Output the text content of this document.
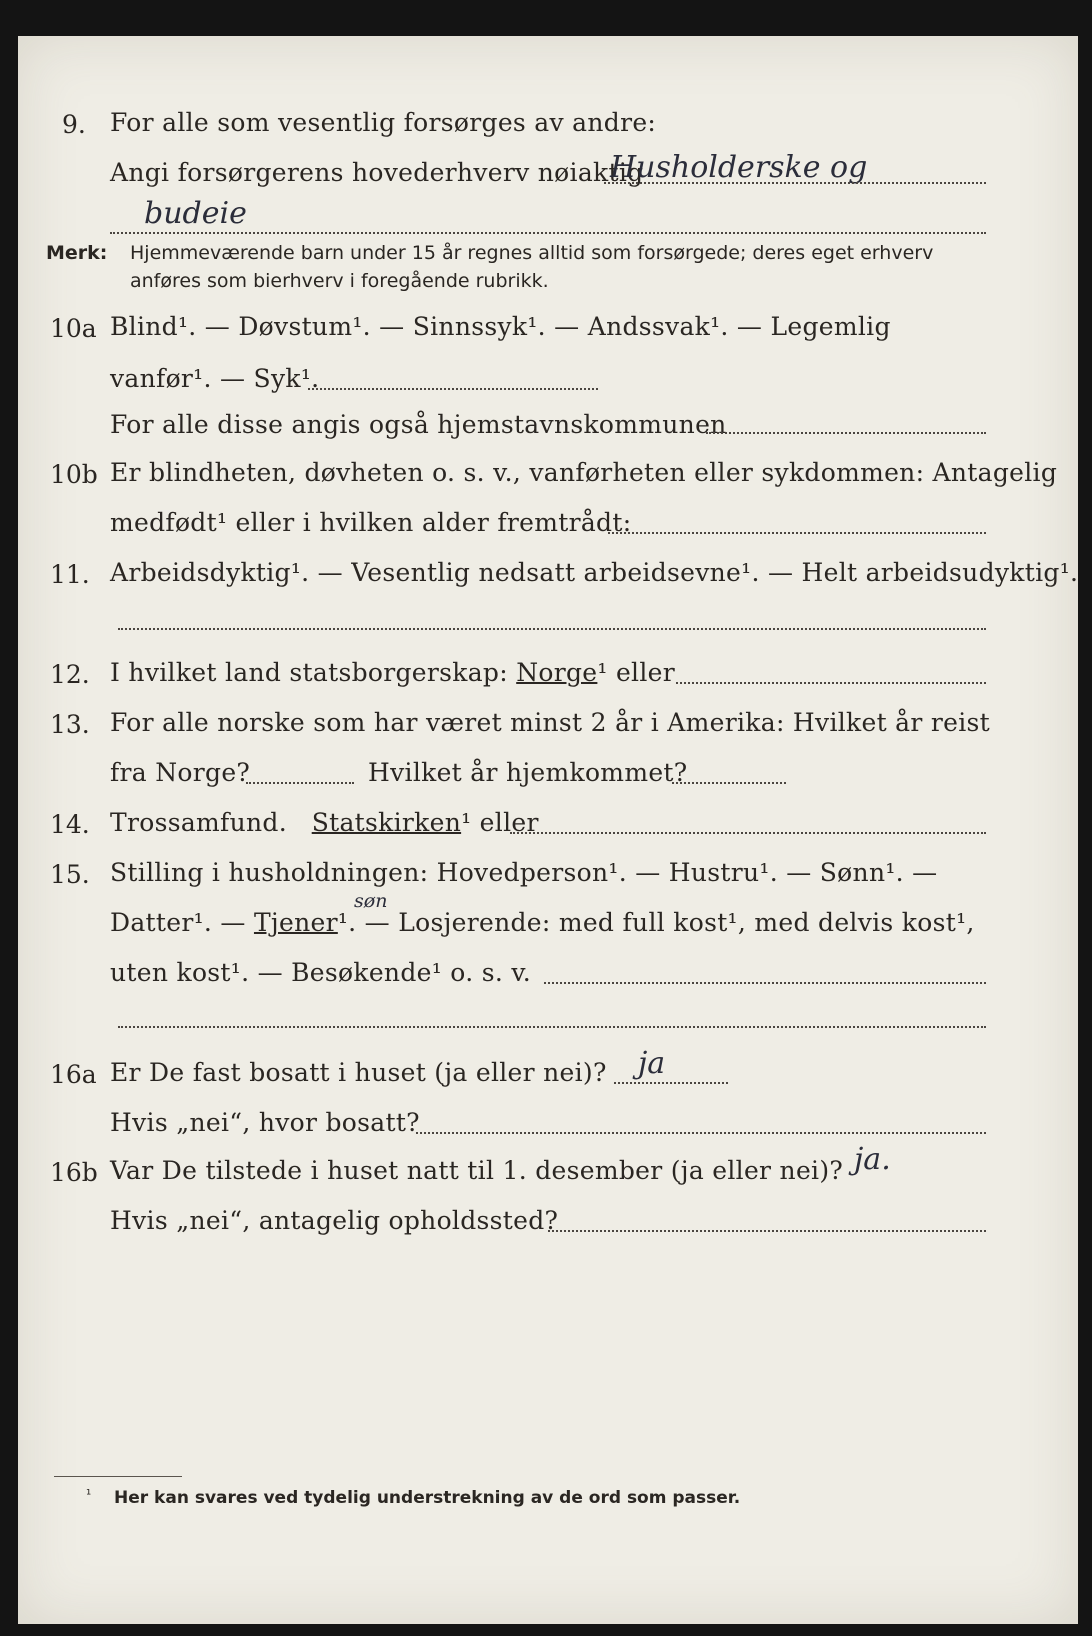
9. For alle som vesentlig forsørges av andre:
Angi forsørgerens hovederhverv nøiaktig
Husholderske og
budeie
Merk: Hjemmeværende barn under 15 år regnes alltid som forsørgede; deres eget erhverv
anføres som bierhverv i foregående rubrikk.
10a Blind¹. — Døvstum¹. — Sinnssyk¹. — Andssvak¹. — Legemlig
vanfør¹. — Syk¹.
For alle disse angis også hjemstavnskommunen
10b Er blindheten, døvheten o. s. v., vanførheten eller sykdommen: Antagelig
medfødt¹ eller i hvilken alder fremtrådt:
11. Arbeidsdyktig¹. — Vesentlig nedsatt arbeidsevne¹. — Helt arbeidsudyktig¹.
12. I hvilket land statsborgerskap: Norge¹ eller
13. For alle norske som har været minst 2 år i Amerika: Hvilket år reist
fra Norge?	Hvilket år hjemkommet?
14. Trossamfund. Statskirken¹ eller
15. Stilling i husholdningen: Hovedperson¹. — Hustru¹. — Sønn¹. —
Datter¹. — Tjener¹. — Losjerende: med full kost¹, med delvis kost¹,
søn
uten kost¹. — Besøkende¹ o. s. v.
16a Er De fast bosatt i huset (ja eller nei)? ja
Hvis „nei“, hvor bosatt?
16b Var De tilstede i huset natt til 1. desember (ja eller nei)? ja.
Hvis „nei“, antagelig opholdssted?
¹ Her kan svares ved tydelig understrekning av de ord som passer.
